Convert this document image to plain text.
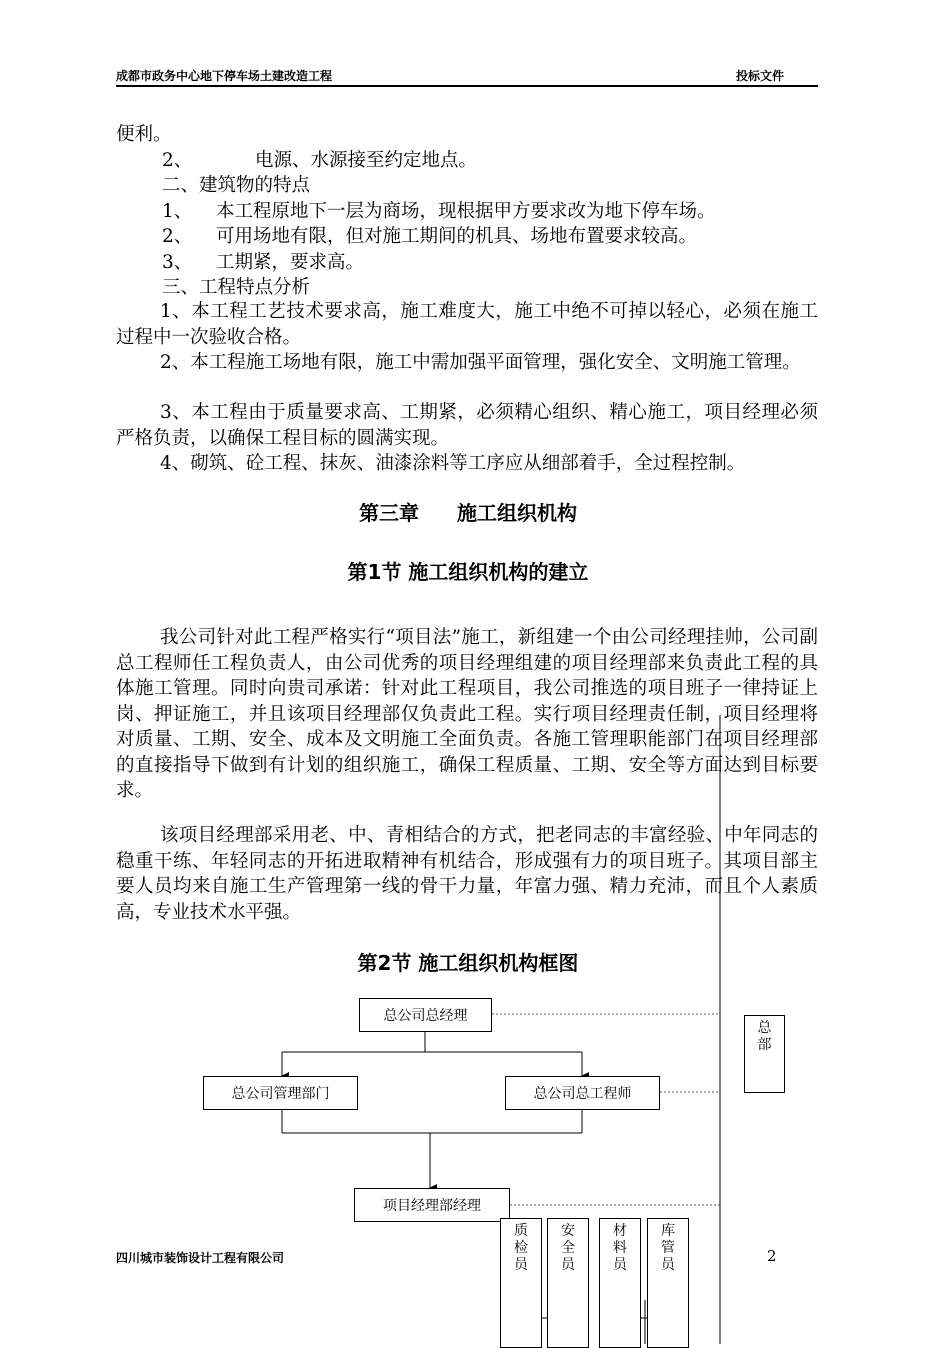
成都市政务中心地下停车场土建改造工程	投标文件
便利。
2、	电源、水源接至约定地点。
二、建筑物的特点
1、 本工程原地下一层为商场，现根据甲方要求改为地下停车场。
2、 可用场地有限，但对施工期间的机具、场地布置要求较高。
3、 工期紧，要求高。
三、工程特点分析
1、本工程工艺技术要求高，施工难度大，施工中绝不可掉以轻心，必须在施工过程中一次验收合格。
2、本工程施工场地有限，施工中需加强平面管理，强化安全、文明施工管理。
3、本工程由于质量要求高、工期紧，必须精心组织、精心施工，项目经理必须严格负责，以确保工程目标的圆满实现。
4、砌筑、砼工程、抹灰、油漆涂料等工序应从细部着手，全过程控制。
第三章 施工组织机构
第1节 施工组织机构的建立
我公司针对此工程严格实行“项目法”施工，新组建一个由公司经理挂帅，公司副总工程师任工程负责人，由公司优秀的项目经理组建的项目经理部来负责此工程的具体施工管理。同时向贵司承诺：针对此工程项目，我公司推选的项目班子一律持证上岗、押证施工，并且该项目经理部仅负责此工程。实行项目经理责任制，项目经理将对质量、工期、安全、成本及文明施工全面负责。各施工管理职能部门在项目经理部的直接指导下做到有计划的组织施工，确保工程质量、工期、安全等方面达到目标要求。
该项目经理部采用老、中、青相结合的方式，把老同志的丰富经验、中年同志的稳重干练、年轻同志的开拓进取精神有机结合，形成强有力的项目班子。其项目部主要人员均来自施工生产管理第一线的骨干力量，年富力强、精力充沛，而且个人素质高，专业技术水平强。
第2节 施工组织机构框图
总公司总经理
总公司管理部门	总公司总工程师
总部
项目经理部经理
质检员
安全员
材料员
库管员
四川城市装饰设计工程有限公司	2
